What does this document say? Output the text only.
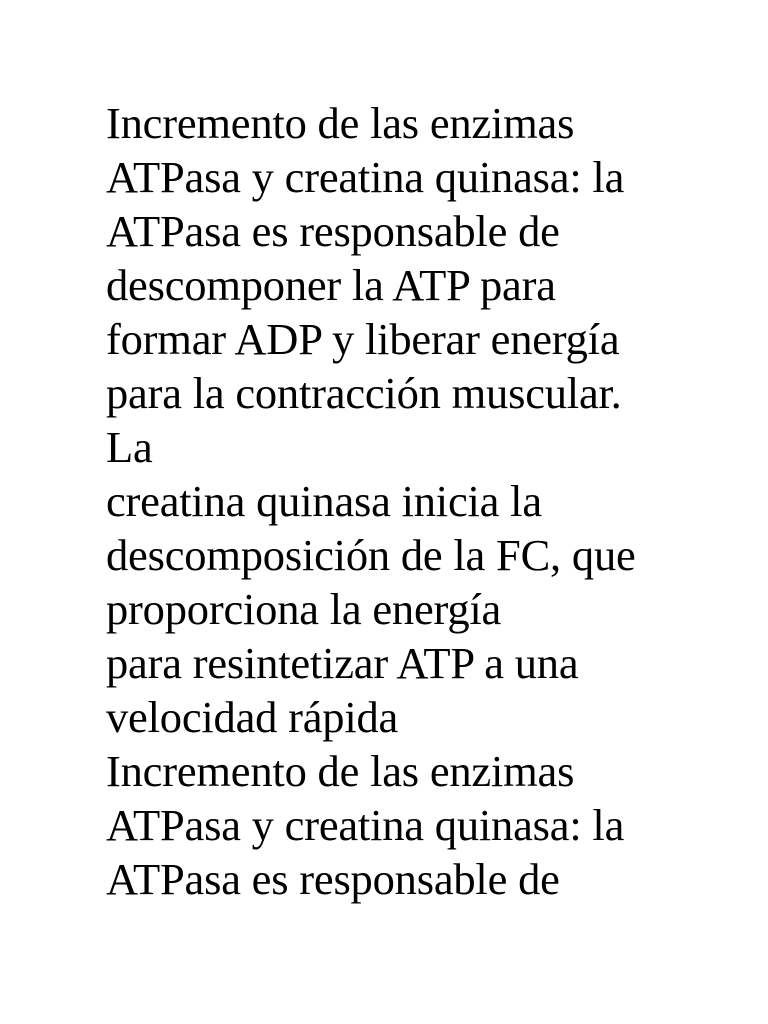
Incremento de las enzimas
ATPasa y creatina quinasa: la
ATPasa es responsable de
descomponer la ATP para
formar ADP y liberar energía
para la contracción muscular.
La
creatina quinasa inicia la
descomposición de la FC, que
proporciona la energía
para resintetizar ATP a una
velocidad rápida
Incremento de las enzimas
ATPasa y creatina quinasa: la
ATPasa es responsable de
